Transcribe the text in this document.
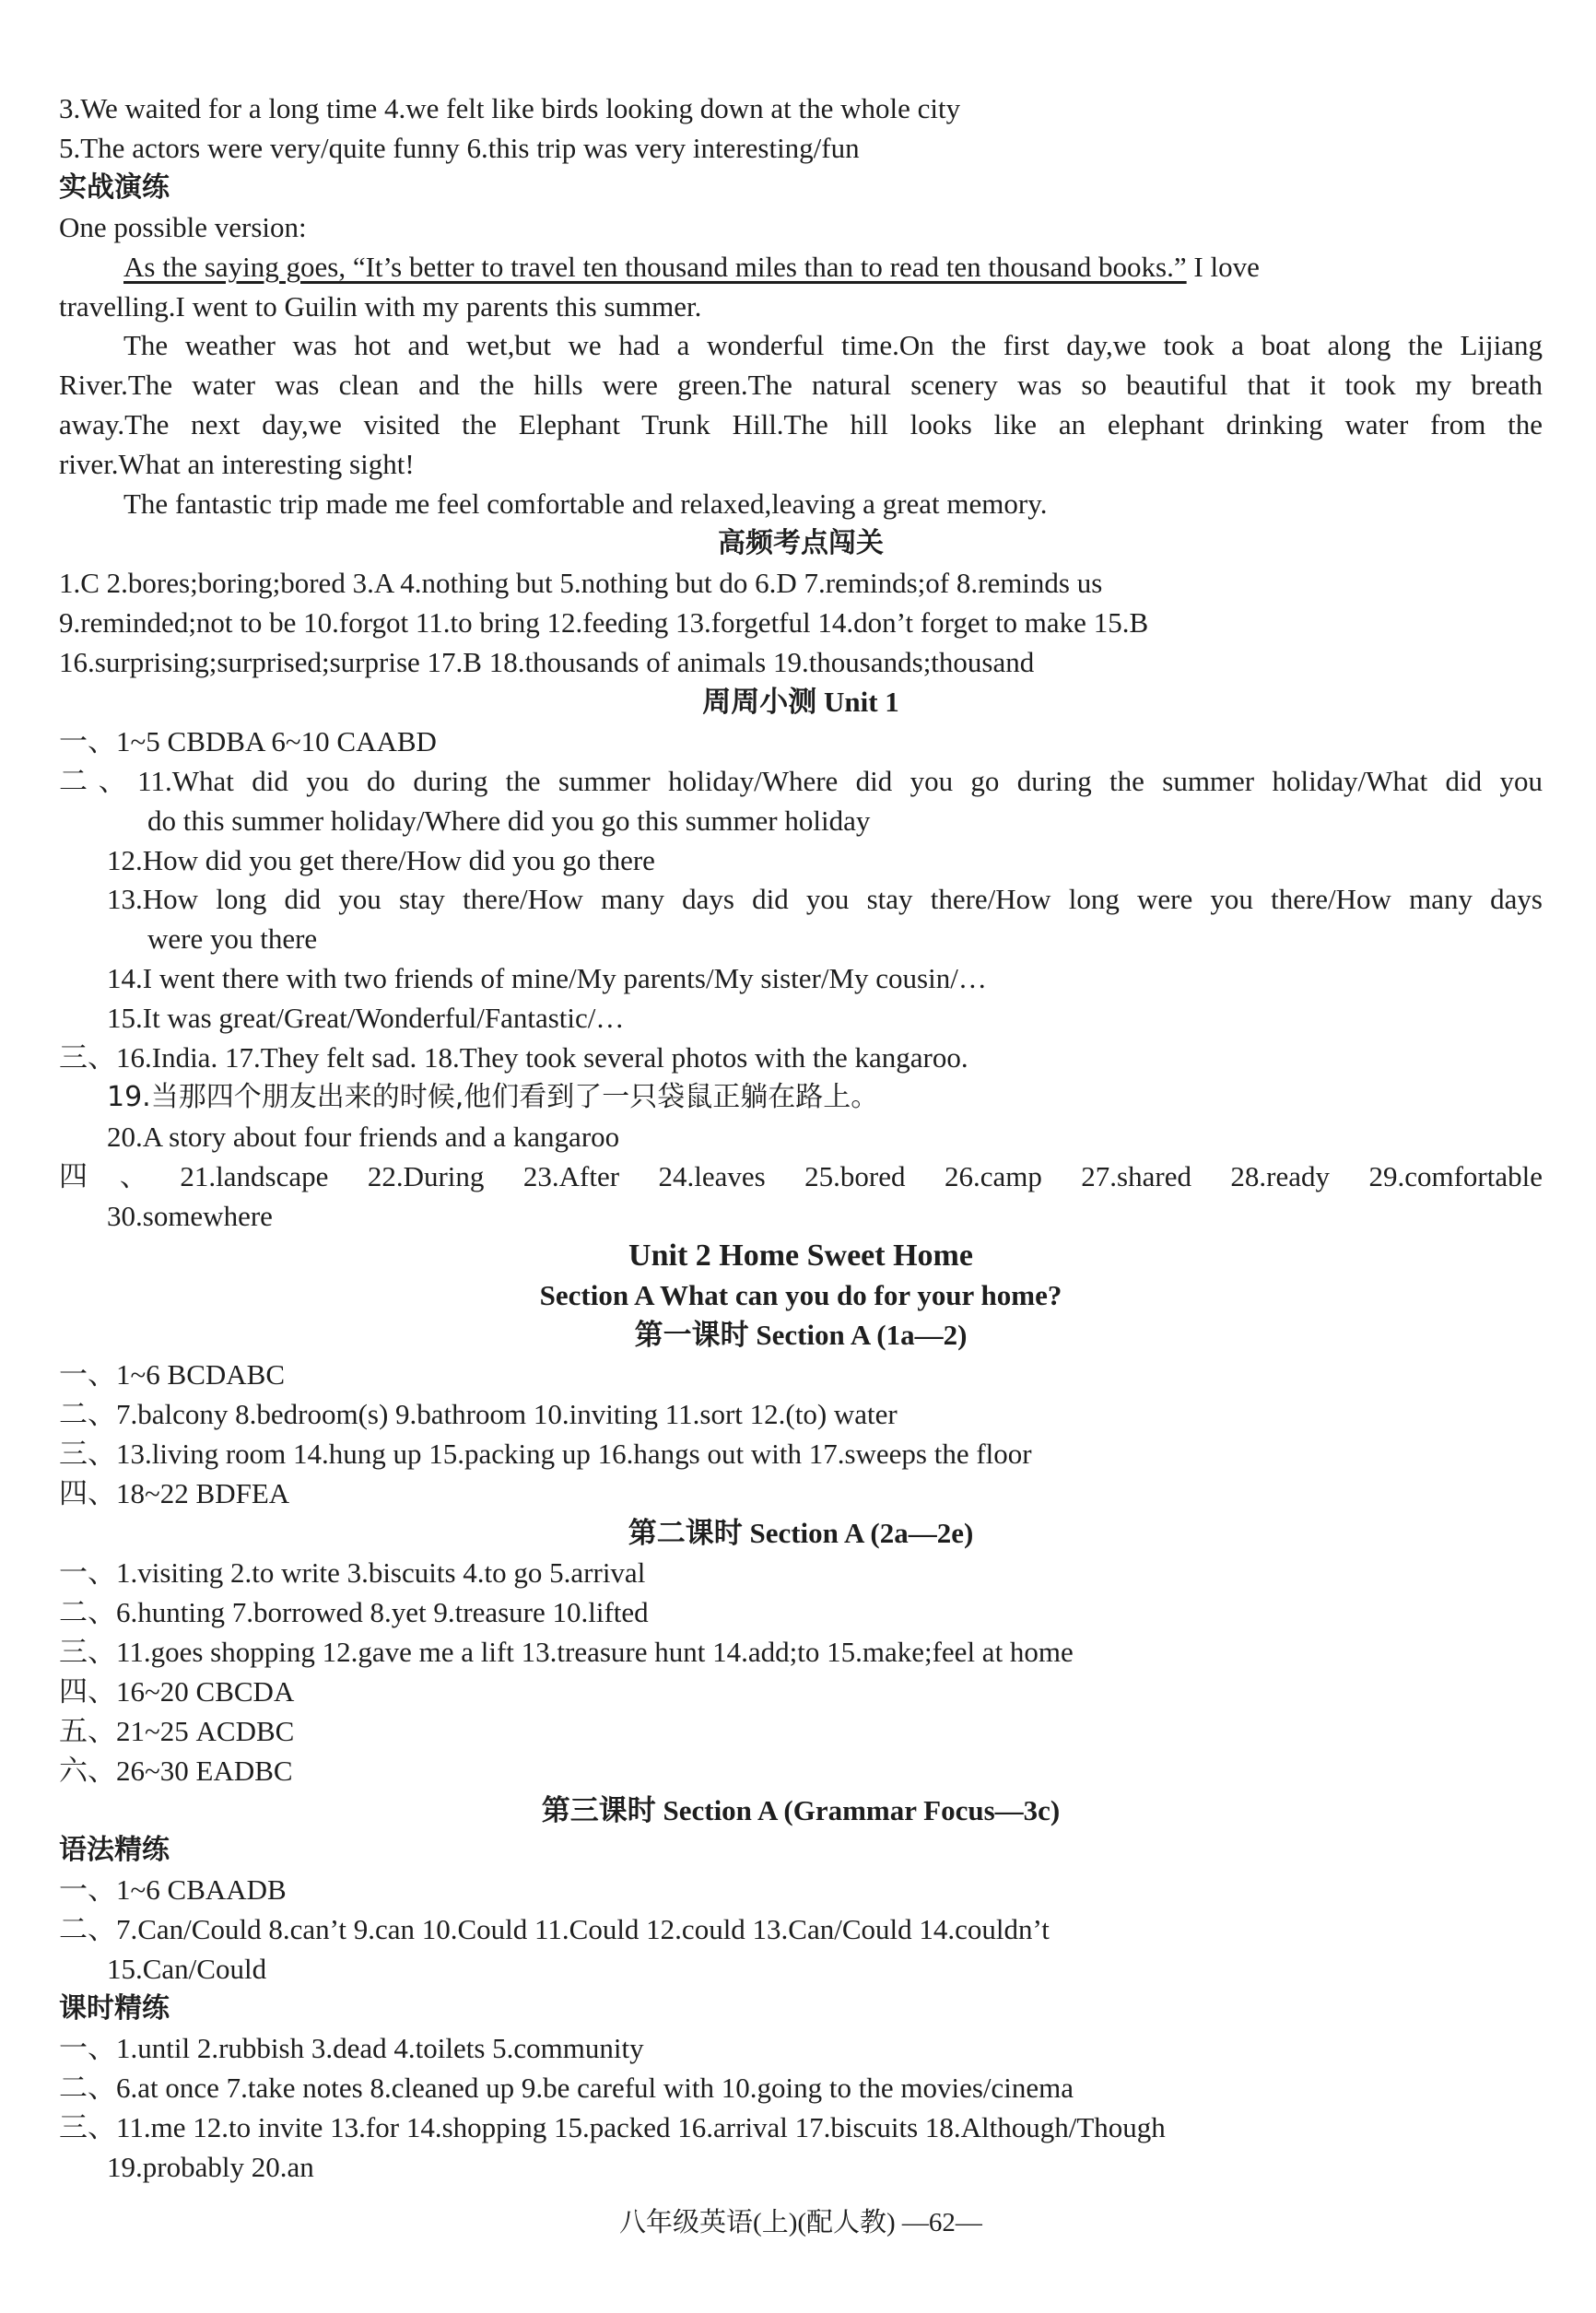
3.We waited for a long time 4.we felt like birds looking down at the whole city
5.The actors were very/quite funny 6.this trip was very interesting/fun
实战演练
One possible version:
As the saying goes, “It’s better to travel ten thousand miles than to read ten thousand books.” I love
travelling.I went to Guilin with my parents this summer.
The weather was hot and wet,but we had a wonderful time.On the first day,we took a boat along the Lijiang
River.The water was clean and the hills were green.The natural scenery was so beautiful that it took my breath
away.The next day,we visited the Elephant Trunk Hill.The hill looks like an elephant drinking water from the
river.What an interesting sight!
The fantastic trip made me feel comfortable and relaxed,leaving a great memory.
高频考点闯关
1.C 2.bores;boring;bored 3.A 4.nothing but 5.nothing but do 6.D 7.reminds;of 8.reminds us
9.reminded;not to be 10.forgot 11.to bring 12.feeding 13.forgetful 14.don’t forget to make 15.B
16.surprising;surprised;surprise 17.B 18.thousands of animals 19.thousands;thousand
周周小测 Unit 1
一、1~5 CBDBA 6~10 CAABD
二、11.What did you do during the summer holiday/Where did you go during the summer holiday/What did you
do this summer holiday/Where did you go this summer holiday
12.How did you get there/How did you go there
13.How long did you stay there/How many days did you stay there/How long were you there/How many days
were you there
14.I went there with two friends of mine/My parents/My sister/My cousin/…
15.It was great/Great/Wonderful/Fantastic/…
三、16.India. 17.They felt sad. 18.They took several photos with the kangaroo.
19.当那四个朋友出来的时候,他们看到了一只袋鼠正躺在路上。
20.A story about four friends and a kangaroo
四、21.landscape 22.During 23.After 24.leaves 25.bored 26.camp 27.shared 28.ready 29.comfortable
30.somewhere
Unit 2 Home Sweet Home
Section A What can you do for your home?
第一课时 Section A (1a—2)
一、1~6 BCDABC
二、7.balcony 8.bedroom(s) 9.bathroom 10.inviting 11.sort 12.(to) water
三、13.living room 14.hung up 15.packing up 16.hangs out with 17.sweeps the floor
四、18~22 BDFEA
第二课时 Section A (2a—2e)
一、1.visiting 2.to write 3.biscuits 4.to go 5.arrival
二、6.hunting 7.borrowed 8.yet 9.treasure 10.lifted
三、11.goes shopping 12.gave me a lift 13.treasure hunt 14.add;to 15.make;feel at home
四、16~20 CBCDA
五、21~25 ACDBC
六、26~30 EADBC
第三课时 Section A (Grammar Focus—3c)
语法精练
一、1~6 CBAADB
二、7.Can/Could 8.can’t 9.can 10.Could 11.Could 12.could 13.Can/Could 14.couldn’t
15.Can/Could
课时精练
一、1.until 2.rubbish 3.dead 4.toilets 5.community
二、6.at once 7.take notes 8.cleaned up 9.be careful with 10.going to the movies/cinema
三、11.me 12.to invite 13.for 14.shopping 15.packed 16.arrival 17.biscuits 18.Although/Though
19.probably 20.an
八年级英语(上)(配人教) —62—
